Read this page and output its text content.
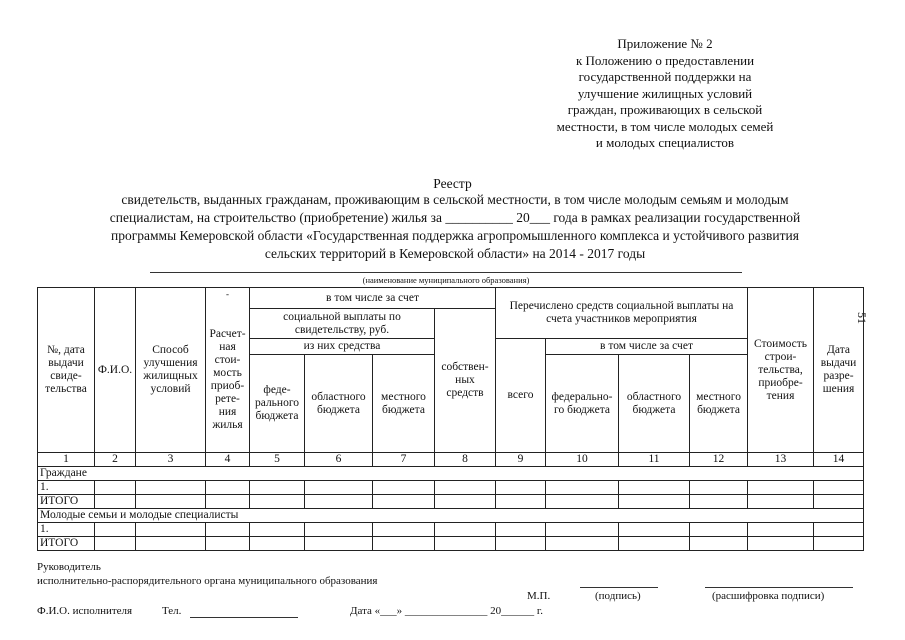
Приложение № 2
к Положению о предоставлении
государственной поддержки на
улучшение жилищных условий
граждан, проживающих в сельской
местности, в том числе молодых семей
и молодых специалистов
Реестр
свидетельств, выданных гражданам, проживающим в сельской местности, в том числе молодым семьям и молодым
специалистам, на строительство (приобретение) жилья за __________ 20___ года в рамках реализации государственной
программы Кемеровской области «Государственная поддержка агропромышленного комплекса и устойчивого развития
сельских территорий в Кемеровской области» на 2014 - 2017 годы
(наименование муниципального образования)
51
№, дата выдачи свиде-тельства	Ф.И.О.	Способ улучшения жилищных условий	-	в том числе за счет				Перечислено средств социальной выплаты на счета участников мероприятия				Стоимость строи-тельства, приобре-тения	Дата выдачи разре-шения
			Расчет-ная стои-мость приоб-рете-ния жилья	социальной выплаты по свидетельству, руб.			собствен-ных средств						
				из них средства				всего	в том числе за счет				
				феде-рального бюджета	областного бюджета	местного бюджета			федерально-го бюджета	областного бюджета	местного бюджета		
1	2	3	4	5	6	7	8	9	10	11	12	13	14
Граждане													
1.													
ИТОГО													
Молодые семьи и молодые специалисты													
1.													
ИТОГО													
Руководитель
исполнительно-распорядительного органа муниципального образования
М.П.	(подпись)	(расшифровка подписи)
Ф.И.О. исполнителя	Тел.	Дата «___» _______________ 20______ г.
